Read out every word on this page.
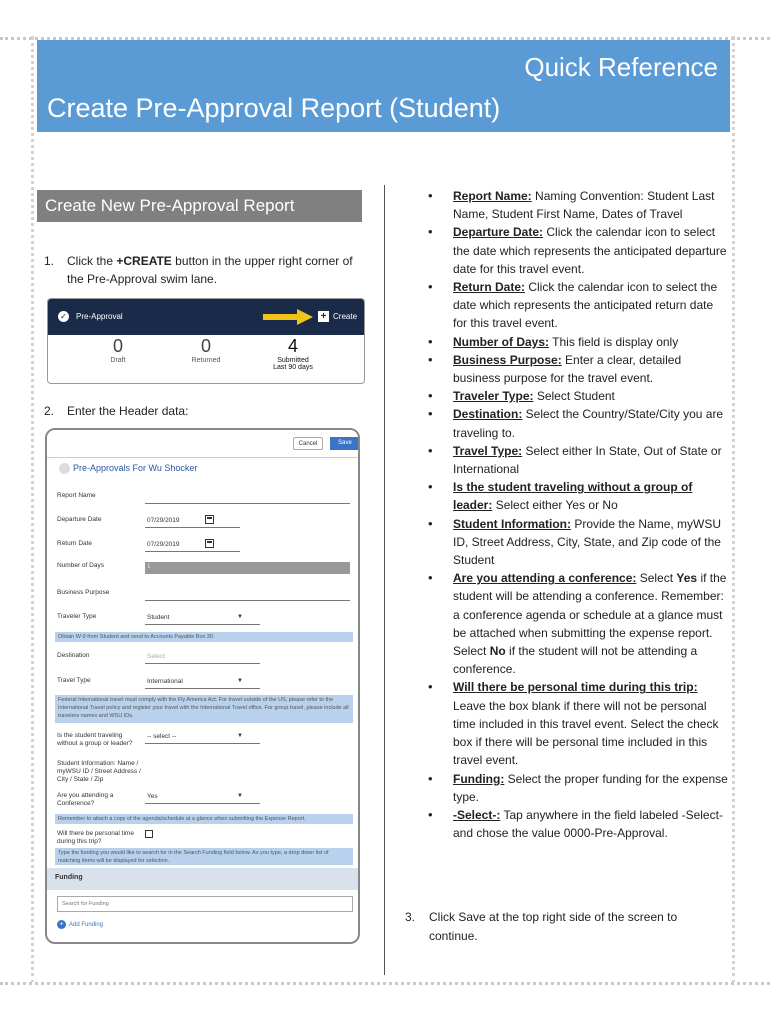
Quick Reference
Create Pre-Approval Report (Student)
Create New Pre-Approval Report
1. Click the +CREATE button in the upper right corner of the Pre-Approval swim lane.
✓ Pre-Approval	+ Create
0
Draft
0
Returned
4
Submitted
Last 90 days
2. Enter the Header data:
Cancel	Save
Pre-Approvals For Wu Shocker
Report Name
Departure Date	07/29/2019
Return Date	07/29/2019
Number of Days	1
Business Purpose
Traveler Type	Student	▼
Obtain W-9 from Student and send to Accounts Payable Box 30.
Destination	Select
Travel Type	International	▼
Federal International travel must comply with the Fly America Act. For travel outside of the US, please refer to the International Travel policy and register your travel with the International Travel office. For group travel, please include all travelers names and WSU IDs.
Is the student traveling without a group or leader?
-- select --	▼
Student Information: Name / myWSU ID / Street Address / City / State / Zip
Are you attending a Conference?
Yes	▼
Remember to attach a copy of the agenda/schedule at a glance when submitting the Expense Report.
Will there be personal time during this trip?
Type the funding you would like to search for in the Search Funding field below. As you type, a drop down list of matching items will be displayed for selection.
Funding
Search for Funding
+ Add Funding
• Report Name: Naming Convention: Student Last Name, Student First Name, Dates of Travel
• Departure Date: Click the calendar icon to select the date which represents the anticipated departure date for this travel event.
• Return Date: Click the calendar icon to select the date which represents the anticipated return date for this travel event.
• Number of Days: This field is display only
• Business Purpose: Enter a clear, detailed business purpose for the travel event.
• Traveler Type: Select Student
• Destination: Select the Country/State/City you are traveling to.
• Travel Type: Select either In State, Out of State or International
• Is the student traveling without a group of leader: Select either Yes or No
• Student Information: Provide the Name, myWSU ID, Street Address, City, State, and Zip code of the Student
• Are you attending a conference: Select Yes if the student will be attending a conference. Remember: a conference agenda or schedule at a glance must be attached when submitting the expense report. Select No if the student will not be attending a conference.
• Will there be personal time during this trip: Leave the box blank if there will not be personal time included in this travel event. Select the check box if there will be personal time included in this travel event.
• Funding: Select the proper funding for the expense type.
• -Select-: Tap anywhere in the field labeled -Select- and chose the value 0000-Pre-Approval.
3. Click Save at the top right side of the screen to continue.
